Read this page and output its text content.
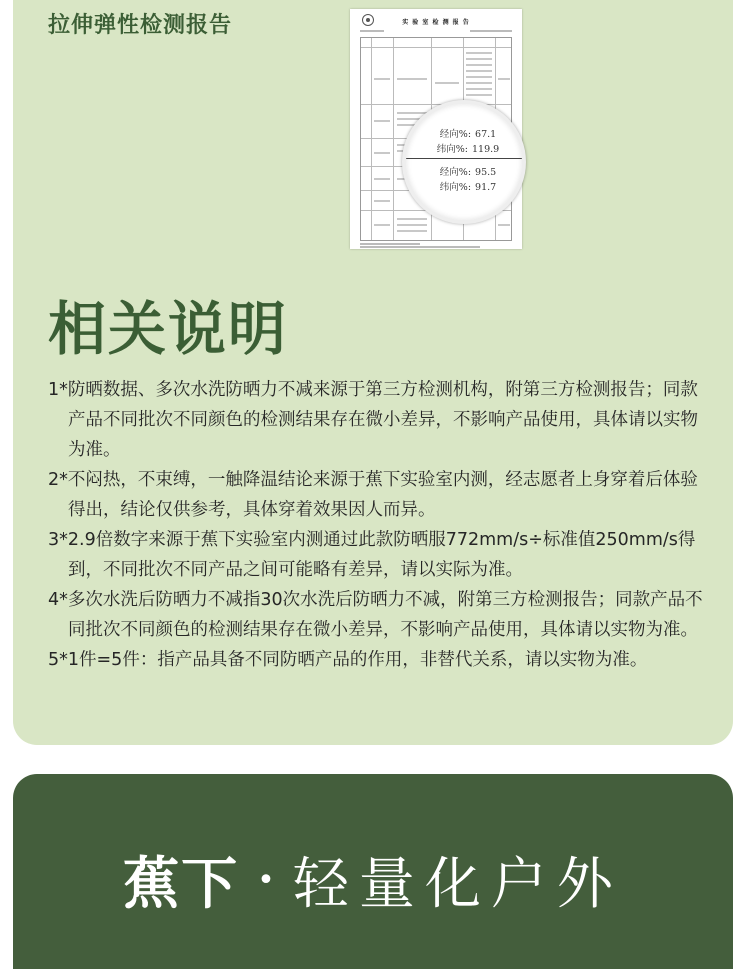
拉伸弹性检测报告	实 验 室 检 测 报 告
经向%: 67.1
纬向%: 119.9
经向%: 95.5
纬向%: 91.7
相关说明
1*防晒数据、多次水洗防晒力不减来源于第三方检测机构，附第三方检测报告；同款产品不同批次不同颜色的检测结果存在微小差异，不影响产品使用，具体请以实物为准。
2*不闷热，不束缚，一触降温结论来源于蕉下实验室内测，经志愿者上身穿着后体验得出，结论仅供参考，具体穿着效果因人而异。
3*2.9倍数字来源于蕉下实验室内测通过此款防晒服772mm/s÷标准值250mm/s得到，不同批次不同产品之间可能略有差异，请以实际为准。
4*多次水洗后防晒力不减指30次水洗后防晒力不减，附第三方检测报告；同款产品不同批次不同颜色的检测结果存在微小差异，不影响产品使用，具体请以实物为准。
5*1件=5件：指产品具备不同防晒产品的作用，非替代关系，请以实物为准。
蕉下 • 轻量化户外
